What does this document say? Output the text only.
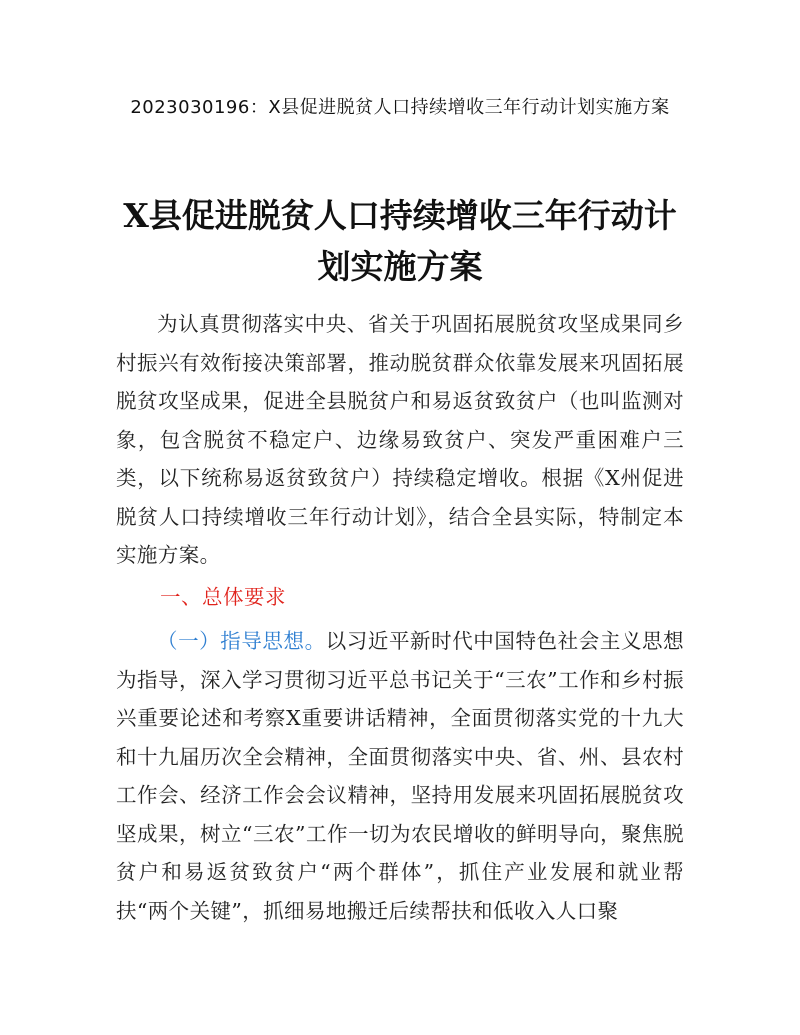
2023030196：X县促进脱贫人口持续增收三年行动计划实施方案
X县促进脱贫人口持续增收三年行动计划实施方案

为认真贯彻落实中央、省关于巩固拓展脱贫攻坚成果同乡村振兴有效衔接决策部署，推动脱贫群众依靠发展来巩固拓展脱贫攻坚成果，促进全县脱贫户和易返贫致贫户（也叫监测对象，包含脱贫不稳定户、边缘易致贫户、突发严重困难户三类，以下统称易返贫致贫户）持续稳定增收。根据《X州促进脱贫人口持续增收三年行动计划》，结合全县实际，特制定本实施方案。

一、总体要求

（一）指导思想。以习近平新时代中国特色社会主义思想为指导，深入学习贯彻习近平总书记关于“三农”工作和乡村振兴重要论述和考察X重要讲话精神，全面贯彻落实党的十九大和十九届历次全会精神，全面贯彻落实中央、省、州、县农村工作会、经济工作会会议精神，坚持用发展来巩固拓展脱贫攻坚成果，树立“三农”工作一切为农民增收的鲜明导向，聚焦脱贫户和易返贫致贫户“两个群体”，抓住产业发展和就业帮扶“两个关键”，抓细易地搬迁后续帮扶和低收入人口聚
